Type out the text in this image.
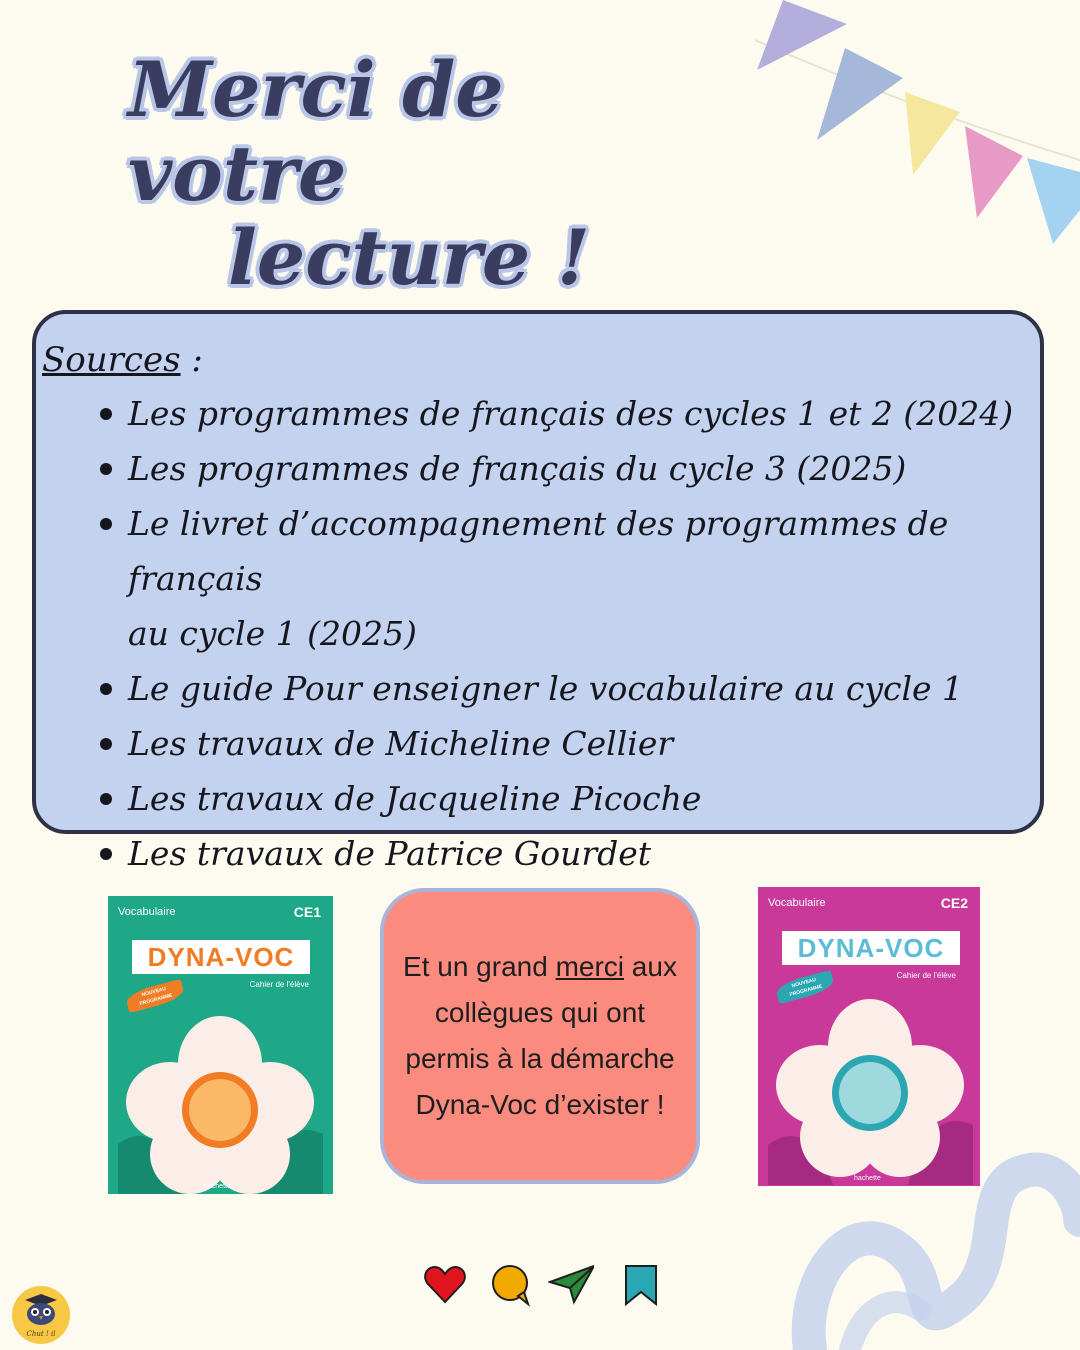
Merci de votre
lecture !

Sources :

Les programmes de français des cycles 1 et 2 (2024)
Les programmes de français du cycle 3 (2025)
Le livret d’accompagnement des programmes de français
au cycle 1 (2025)
Le guide Pour enseigner le vocabulaire au cycle 1
Les travaux de Micheline Cellier
Les travaux de Jacqueline Picoche
Les travaux de Patrice Gourdet
Vocabulaire	CE1
DYNA-VOC
Cahier de l'élève
NOUVEAU PROGRAMME
hachette

Et un grand merci aux collègues qui ont permis à la démarche Dyna-Voc d’exister !

Vocabulaire	CE2
DYNA-VOC
Cahier de l'élève
NOUVEAU PROGRAMME
hachette
Chut ! il
